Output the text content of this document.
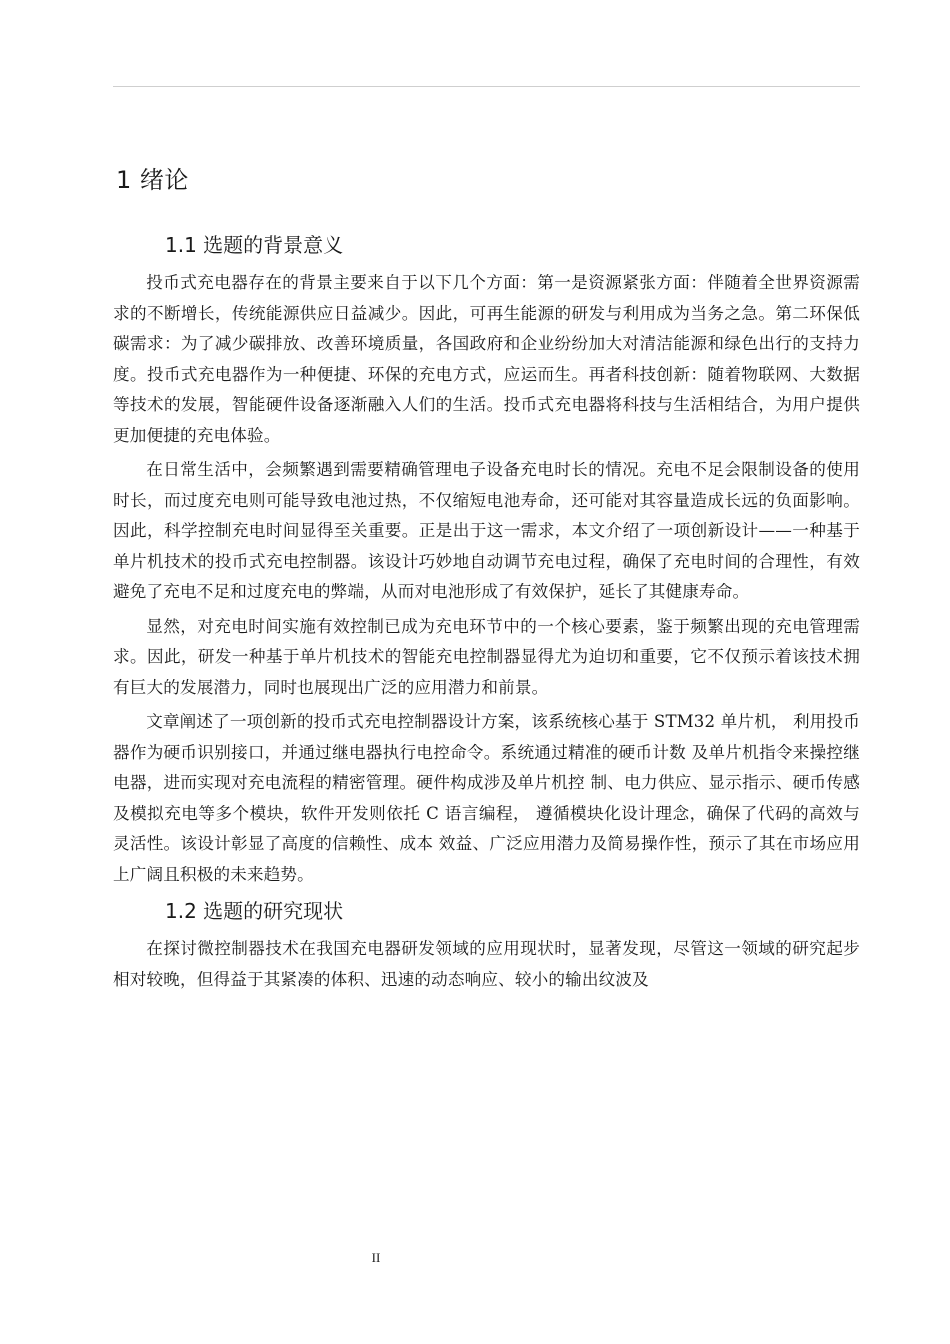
1 绪论
1.1 选题的背景意义

投币式充电器存在的背景主要来自于以下几个方面：第一是资源紧张方面：伴随着全世界资源需求的不断增长，传统能源供应日益减少。因此，可再生能源的研发与利用成为当务之急。第二环保低碳需求：为了减少碳排放、改善环境质量，各国政府和企业纷纷加大对清洁能源和绿色出行的支持力度。投币式充电器作为一种便捷、环保的充电方式，应运而生。再者科技创新：随着物联网、大数据等技术的发展，智能硬件设备逐渐融入人们的生活。投币式充电器将科技与生活相结合，为用户提供更加便捷的充电体验。

在日常生活中，会频繁遇到需要精确管理电子设备充电时长的情况。充电不足会限制设备的使用时长，而过度充电则可能导致电池过热，不仅缩短电池寿命，还可能对其容量造成长远的负面影响。因此，科学控制充电时间显得至关重要。正是出于这一需求，本文介绍了一项创新设计——一种基于单片机技术的投币式充电控制器。该设计巧妙地自动调节充电过程，确保了充电时间的合理性，有效避免了充电不足和过度充电的弊端，从而对电池形成了有效保护，延长了其健康寿命。

显然，对充电时间实施有效控制已成为充电环节中的一个核心要素，鉴于频繁出现的充电管理需求。因此，研发一种基于单片机技术的智能充电控制器显得尤为迫切和重要，它不仅预示着该技术拥有巨大的发展潜力，同时也展现出广泛的应用潜力和前景。

文章阐述了一项创新的投币式充电控制器设计方案，该系统核心基于 STM32 单片机， 利用投币器作为硬币识别接口，并通过继电器执行电控命令。系统通过精准的硬币计数 及单片机指令来操控继电器，进而实现对充电流程的精密管理。硬件构成涉及单片机控 制、电力供应、显示指示、硬币传感及模拟充电等多个模块，软件开发则依托 C 语言编程， 遵循模块化设计理念，确保了代码的高效与灵活性。该设计彰显了高度的信赖性、成本 效益、广泛应用潜力及简易操作性，预示了其在市场应用上广阔且积极的未来趋势。

1.2 选题的研究现状

在探讨微控制器技术在我国充电器研发领域的应用现状时，显著发现，尽管这一领域的研究起步相对较晚，但得益于其紧凑的体积、迅速的动态响应、较小的输出纹波及

II
